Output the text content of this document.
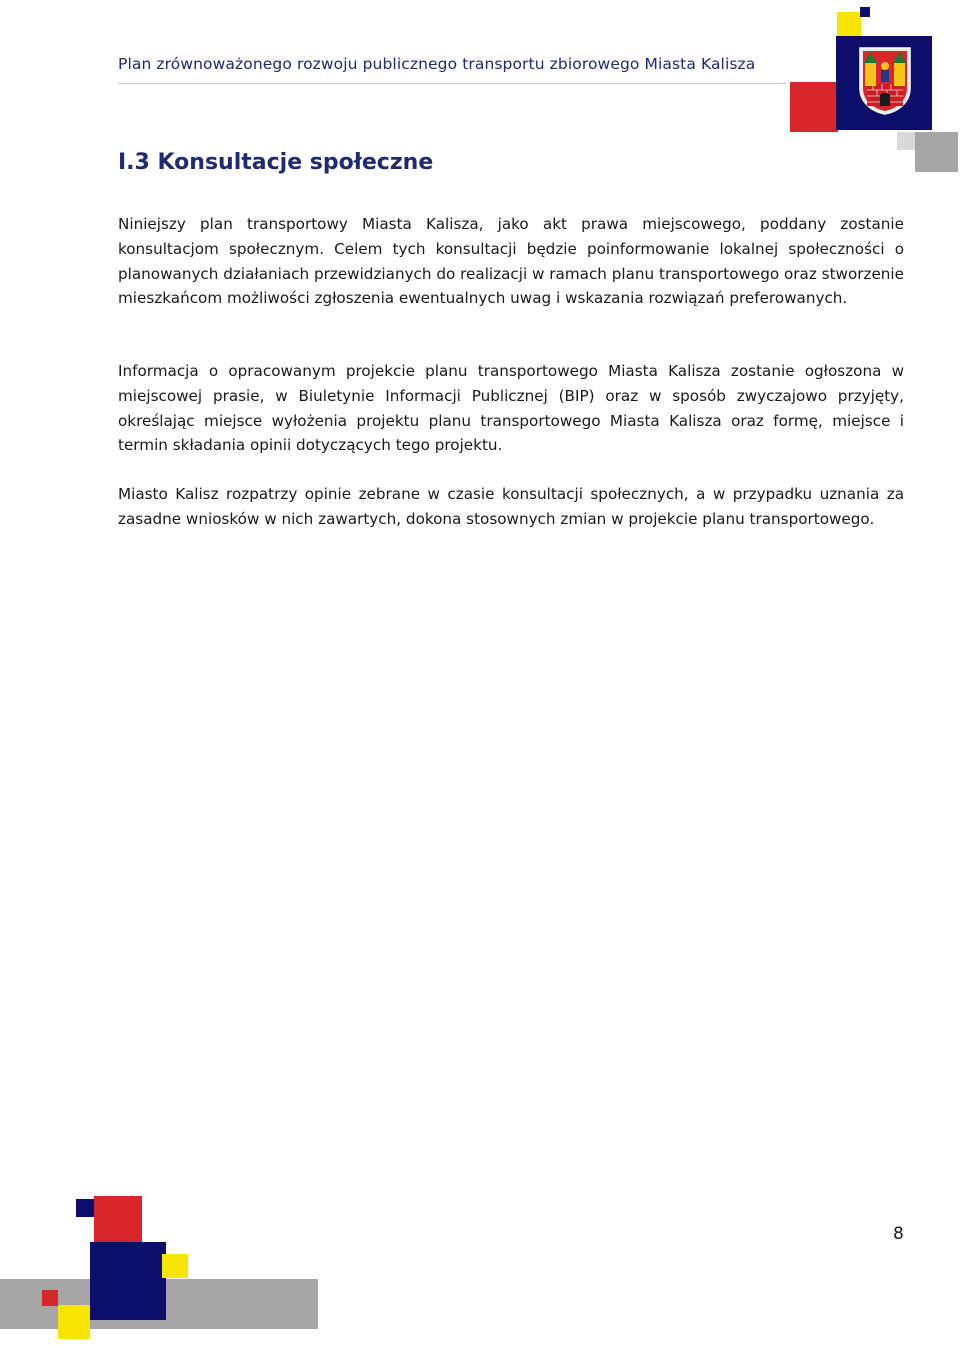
Plan zrównoważonego rozwoju publicznego transportu zbiorowego Miasta Kalisza
I.3 Konsultacje społeczne

Niniejszy plan transportowy Miasta Kalisza, jako akt prawa miejscowego, poddany zostanie konsultacjom społecznym. Celem tych konsultacji będzie poinformowanie lokalnej społeczności o planowanych działaniach przewidzianych do realizacji w ramach planu transportowego oraz stworzenie mieszkańcom możliwości zgłoszenia ewentualnych uwag i wskazania rozwiązań preferowanych.

Informacja o opracowanym projekcie planu transportowego Miasta Kalisza zostanie ogłoszona w miejscowej prasie, w Biuletynie Informacji Publicznej (BIP) oraz w sposób zwyczajowo przyjęty, określając miejsce wyłożenia projektu planu transportowego Miasta Kalisza oraz formę, miejsce i termin składania opinii dotyczących tego projektu.

Miasto Kalisz rozpatrzy opinie zebrane w czasie konsultacji społecznych, a w przypadku uznania za zasadne wniosków w nich zawartych, dokona stosownych zmian w projekcie planu transportowego.

8
